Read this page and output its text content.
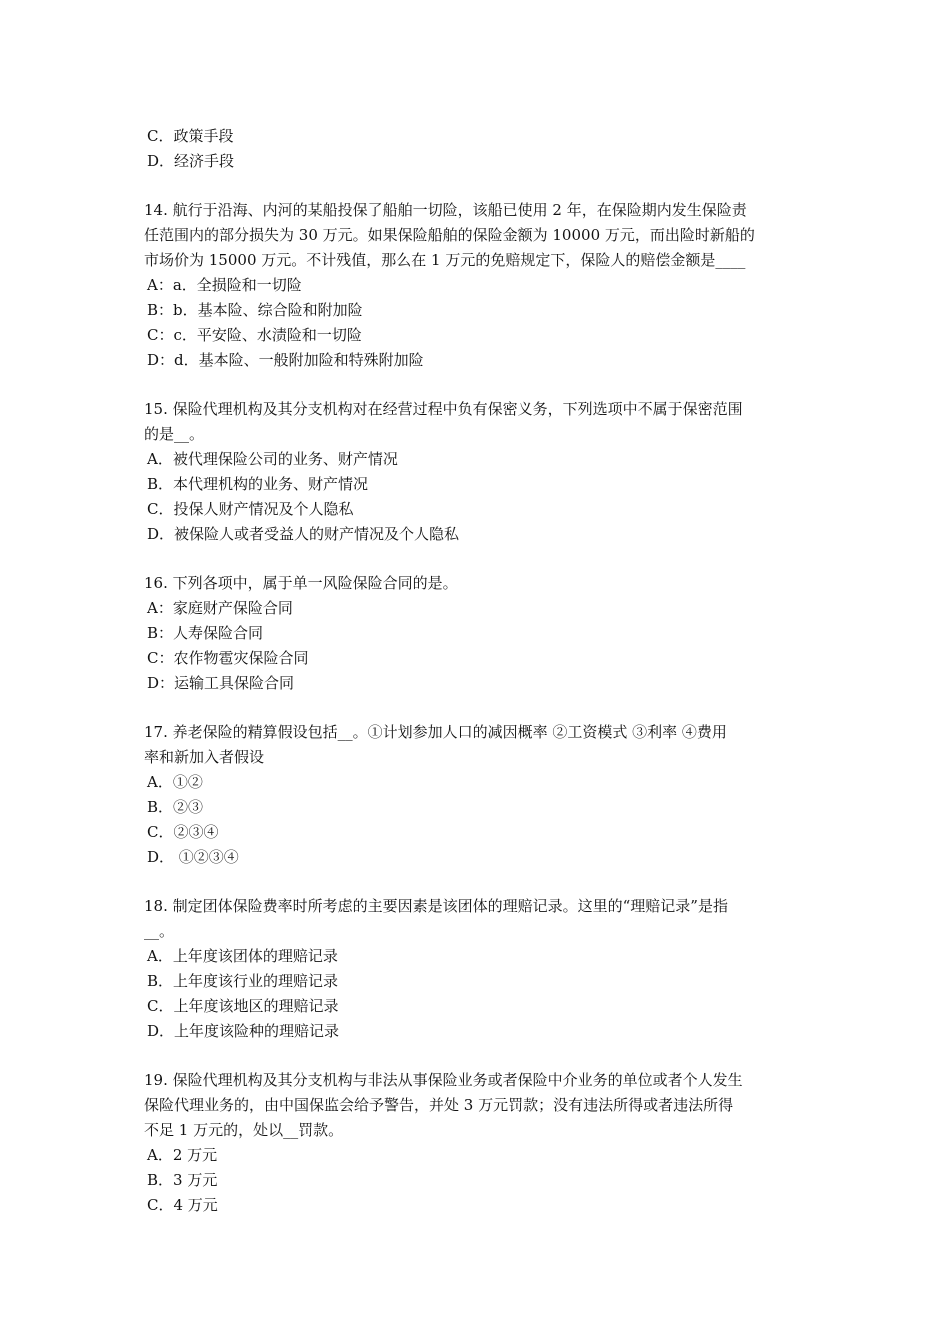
C．政策手段
D．经济手段
14. 航行于沿海、内河的某船投保了船舶一切险，该船已使用 2 年，在保险期内发生保险责
任范围内的部分损失为 30 万元。如果保险船舶的保险金额为 10000 万元，而出险时新船的
市场价为 15000 万元。不计残值，那么在 1 万元的免赔规定下，保险人的赔偿金额是____
A：a．全损险和一切险
B：b．基本险、综合险和附加险
C：c．平安险、水渍险和一切险
D：d．基本险、一般附加险和特殊附加险
15. 保险代理机构及其分支机构对在经营过程中负有保密义务，下列选项中不属于保密范围
的是__。
A．被代理保险公司的业务、财产情况
B．本代理机构的业务、财产情况
C．投保人财产情况及个人隐私
D．被保险人或者受益人的财产情况及个人隐私
16. 下列各项中，属于单一风险保险合同的是。
A：家庭财产保险合同
B：人寿保险合同
C：农作物雹灾保险合同
D：运输工具保险合同
17. 养老保险的精算假设包括__。①计划参加人口的减因概率 ②工资模式 ③利率 ④费用
率和新加入者假设
A．①②
B．②③
C．②③④
D． ①②③④
18. 制定团体保险费率时所考虑的主要因素是该团体的理赔记录。这里的“理赔记录”是指
__。
A．上年度该团体的理赔记录
B．上年度该行业的理赔记录
C．上年度该地区的理赔记录
D．上年度该险种的理赔记录
19. 保险代理机构及其分支机构与非法从事保险业务或者保险中介业务的单位或者个人发生
保险代理业务的，由中国保监会给予警告，并处 3 万元罚款；没有违法所得或者违法所得
不足 1 万元的，处以__罚款。
A．2 万元
B．3 万元
C．4 万元
